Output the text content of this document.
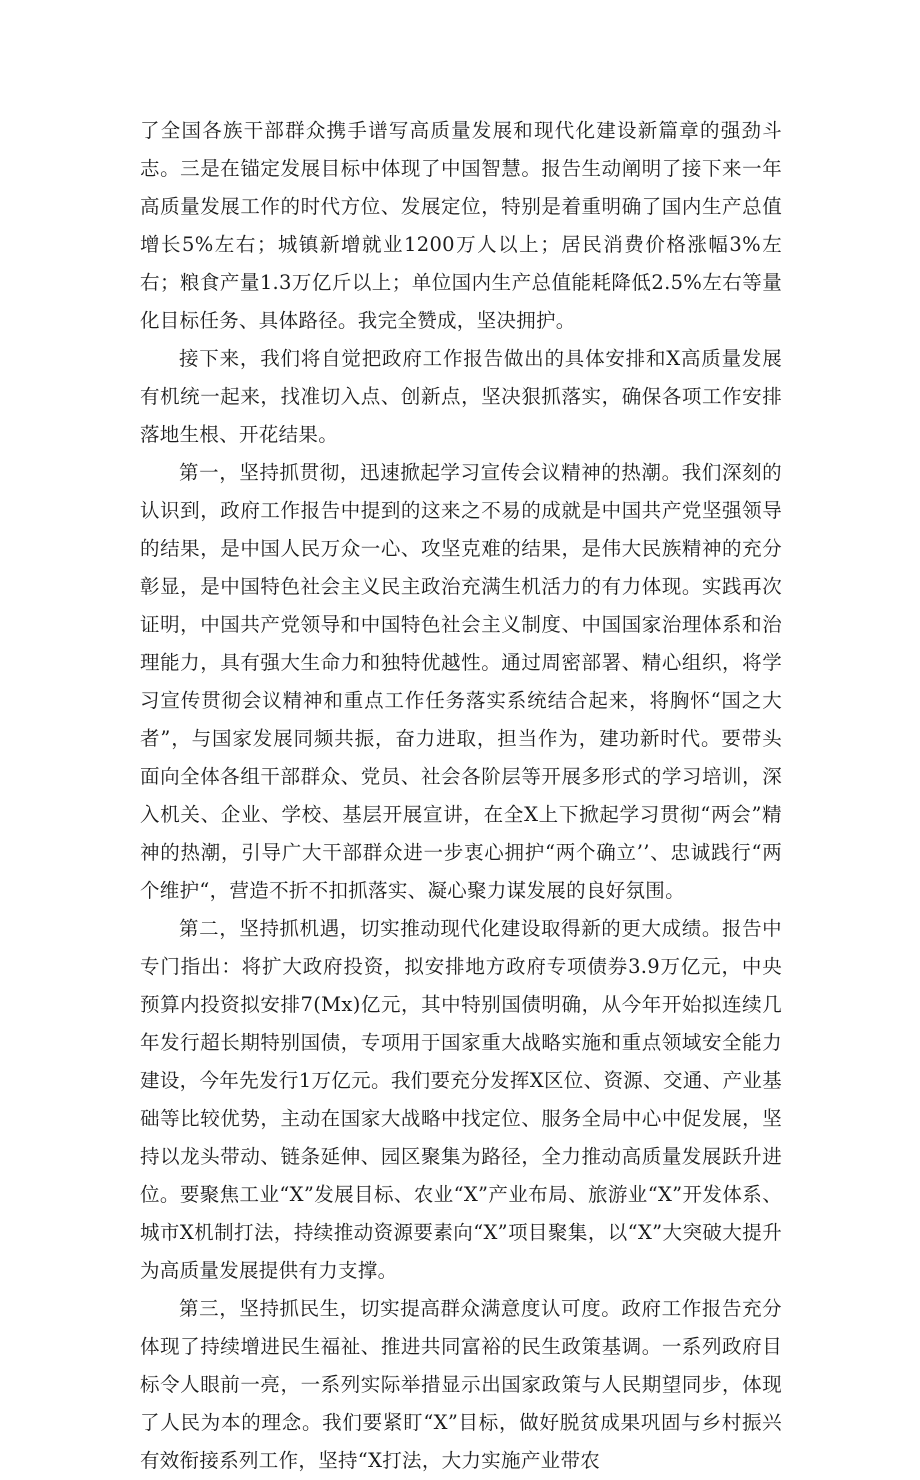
了全国各族干部群众携手谱写高质量发展和现代化建设新篇章的强劲斗志。三是在锚定发展目标中体现了中国智慧。报告生动阐明了接下来一年高质量发展工作的时代方位、发展定位，特别是着重明确了国内生产总值增长5%左右；城镇新增就业1200万人以上；居民消费价格涨幅3%左右；粮食产量1.3万亿斤以上；单位国内生产总值能耗降低2.5%左右等量化目标任务、具体路径。我完全赞成，坚决拥护。

接下来，我们将自觉把政府工作报告做出的具体安排和X高质量发展有机统一起来，找准切入点、创新点，坚决狠抓落实，确保各项工作安排落地生根、开花结果。

第一，坚持抓贯彻，迅速掀起学习宣传会议精神的热潮。我们深刻的认识到，政府工作报告中提到的这来之不易的成就是中国共产党坚强领导的结果，是中国人民万众一心、攻坚克难的结果，是伟大民族精神的充分彰显，是中国特色社会主义民主政治充满生机活力的有力体现。实践再次证明，中国共产党领导和中国特色社会主义制度、中国国家治理体系和治理能力，具有强大生命力和独特优越性。通过周密部署、精心组织，将学习宣传贯彻会议精神和重点工作任务落实系统结合起来，将胸怀“国之大者”，与国家发展同频共振，奋力进取，担当作为，建功新时代。要带头面向全体各组干部群众、党员、社会各阶层等开展多形式的学习培训，深入机关、企业、学校、基层开展宣讲，在全X上下掀起学习贯彻“两会”精神的热潮，引导广大干部群众进一步衷心拥护“两个确立’’、忠诚践行“两个维护“，营造不折不扣抓落实、凝心聚力谋发展的良好氛围。

第二，坚持抓机遇，切实推动现代化建设取得新的更大成绩。报告中专门指出：将扩大政府投资，拟安排地方政府专项债券3.9万亿元，中央预算内投资拟安排7(Mx)亿元，其中特别国债明确，从今年开始拟连续几年发行超长期特别国债，专项用于国家重大战略实施和重点领域安全能力建设，今年先发行1万亿元。我们要充分发挥X区位、资源、交通、产业基础等比较优势，主动在国家大战略中找定位、服务全局中心中促发展，坚持以龙头带动、链条延伸、园区聚集为路径，全力推动高质量发展跃升进位。要聚焦工业“X”发展目标、农业“X”产业布局、旅游业“X”开发体系、城市X机制打法，持续推动资源要素向“X”项目聚集，以“X”大突破大提升为高质量发展提供有力支撑。

第三，坚持抓民生，切实提高群众满意度认可度。政府工作报告充分体现了持续增进民生福祉、推进共同富裕的民生政策基调。一系列政府目标令人眼前一亮，一系列实际举措显示出国家政策与人民期望同步，体现了人民为本的理念。我们要紧盯“X”目标，做好脱贫成果巩固与乡村振兴有效衔接系列工作，坚持“X打法，大力实施产业带农
